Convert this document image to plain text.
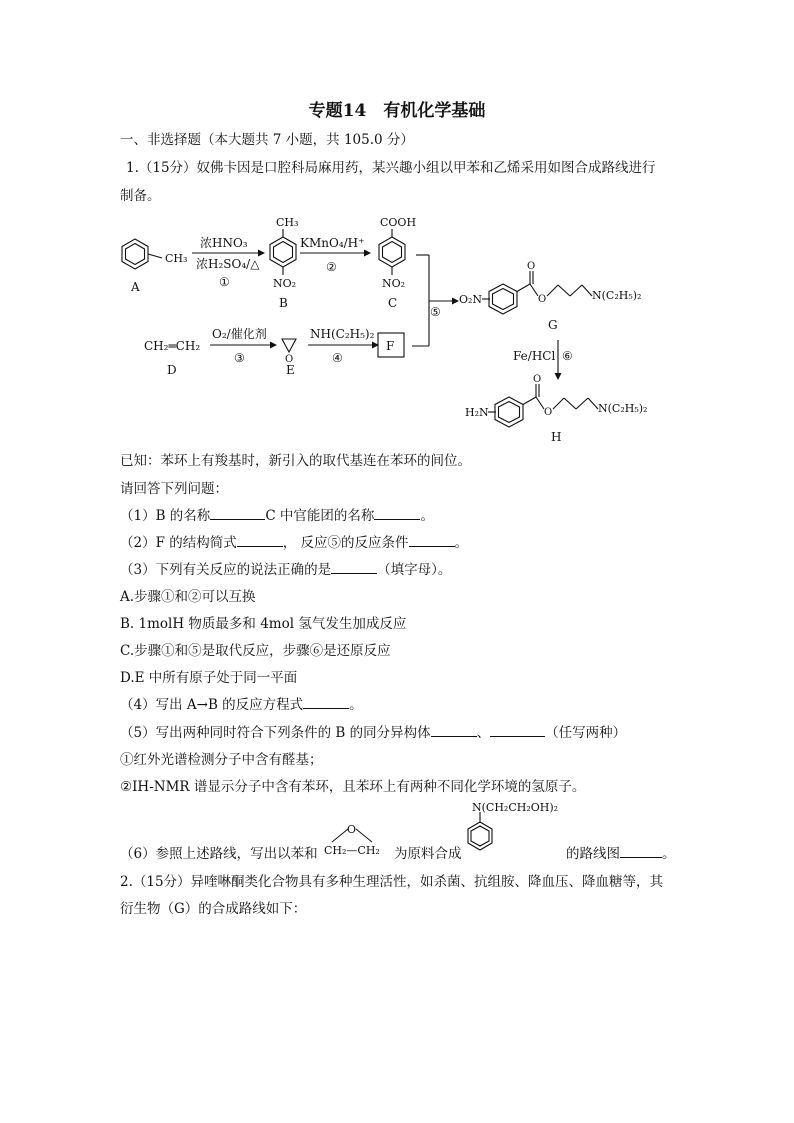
专题14　有机化学基础
一、非选择题（本大题共 7 小题，共 105.0 分）
1.（15分）奴佛卡因是口腔科局麻用药，某兴趣小组以甲苯和乙烯采用如图合成路线进行
制备。
CH₃
A
浓HNO₃
浓H₂SO₄/△
①
CH₃
NO₂
B
KMnO₄/H⁺
②
COOH
NO₂
C
⑤
CH₂═CH₂
D
O₂/催化剂
③	O
E
NH(C₂H₅)₂
④
F
O₂N
O
O	N(C₂H₅)₂
G
Fe/HCl ⑥
H₂N
O
O	N(C₂H₅)₂
H
已知：苯环上有羧基时，新引入的取代基连在苯环的间位。
请回答下列问题：
（1）B 的名称	C 中官能团的名称	。
（2）F 的结构简式	， 反应⑤的反应条件	。
（3）下列有关反应的说法正确的是	（填字母）。
A.步骤①和②可以互换
B. 1molH 物质最多和 4mol 氢气发生加成反应
C.步骤①和⑤是取代反应，步骤⑥是还原反应
D.E 中所有原子处于同一平面
（4）写出 A→B 的反应方程式	。
（5）写出两种同时符合下列条件的 B 的同分异构体	、	（任写两种）
①红外光谱检测分子中含有醛基；
②IH-NMR 谱显示分子中含有苯环，且苯环上有两种不同化学环境的氢原子。
（6）参照上述路线，写出以苯和
O
CH₂—CH₂ 为原料合成
N(CH₂CH₂OH)₂
的路线图	。
2.（15分）异喹啉酮类化合物具有多种生理活性，如杀菌、抗组胺、降血压、降血糖等，其
衍生物（G）的合成路线如下：
